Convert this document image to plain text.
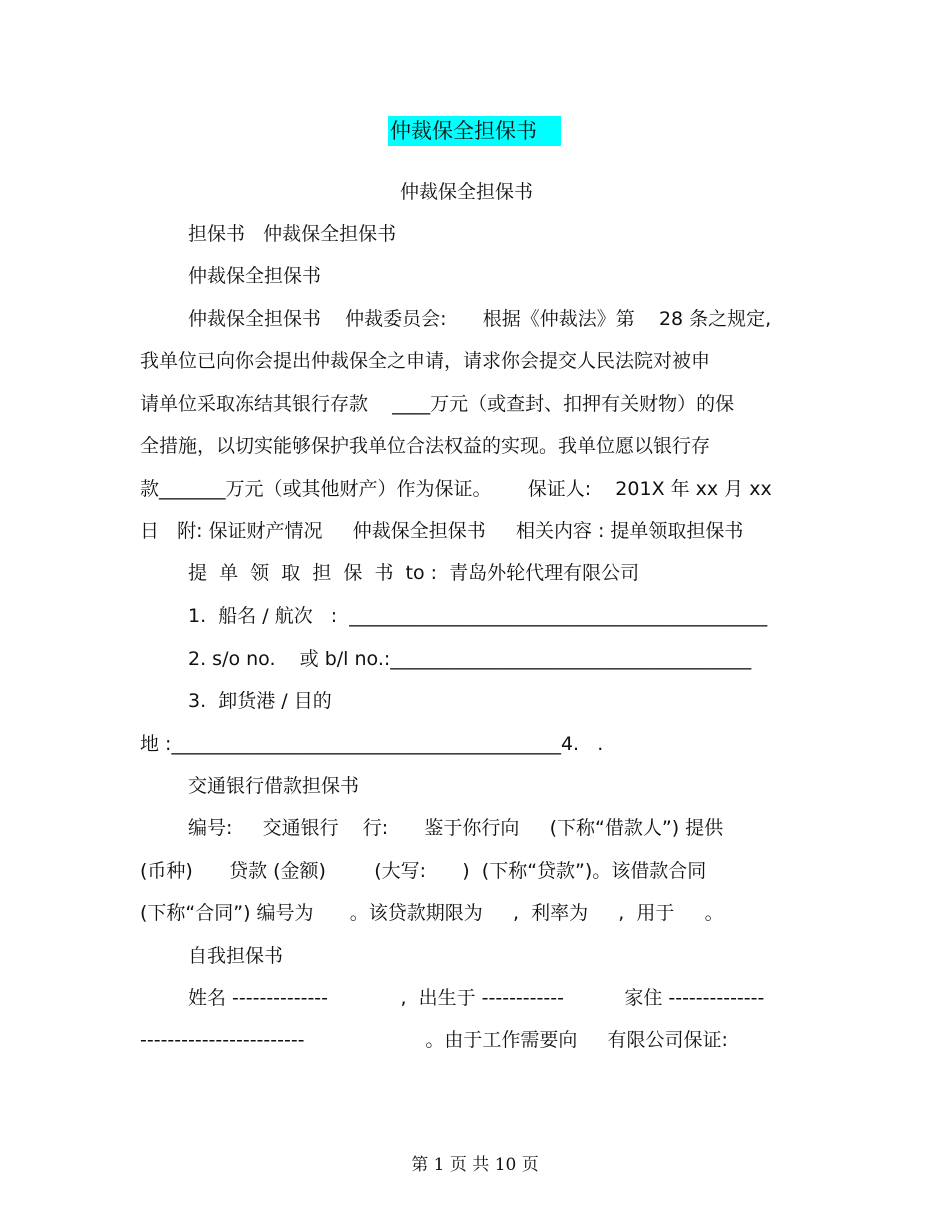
仲裁保全担保书
仲裁保全担保书
担保书   仲裁保全担保书
仲裁保全担保书
仲裁保全担保书    仲裁委员会:      根据《仲裁法》第    28 条之规定,
我单位已向你会提出仲裁保全之申请，请求你会提交人民法院对被申
请单位采取冻结其银行存款    ____万元（或查封、扣押有关财物）的保
全措施，以切实能够保护我单位合法权益的实现。我单位愿以银行存
款_______万元（或其他财产）作为保证。      保证人:    201X 年 xx 月 xx
日   附: 保证财产情况     仲裁保全担保书     相关内容 : 提单领取担保书
提  单  领  取  担  保  书  to :  青岛外轮代理有限公司
1.  船名 / 航次   :  ____________________________________________
2. s/o no.    或 b/l no.:______________________________________
3.  卸货港 / 目的
地 :_________________________________________4.   .
交通银行借款担保书
编号:     交通银行    行:      鉴于你行向     (下称“借款人”) 提供
(币种)      贷款 (金额)        (大写:      )  (下称“贷款”)。该借款合同
(下称“合同”) 编号为      。该贷款期限为     ,  利率为     ,  用于     。
自我担保书
姓名 --------------            ,  出生于 ------------          家住 --------------
------------------------                    。由于工作需要向     有限公司保证:
第 1 页 共 10 页
